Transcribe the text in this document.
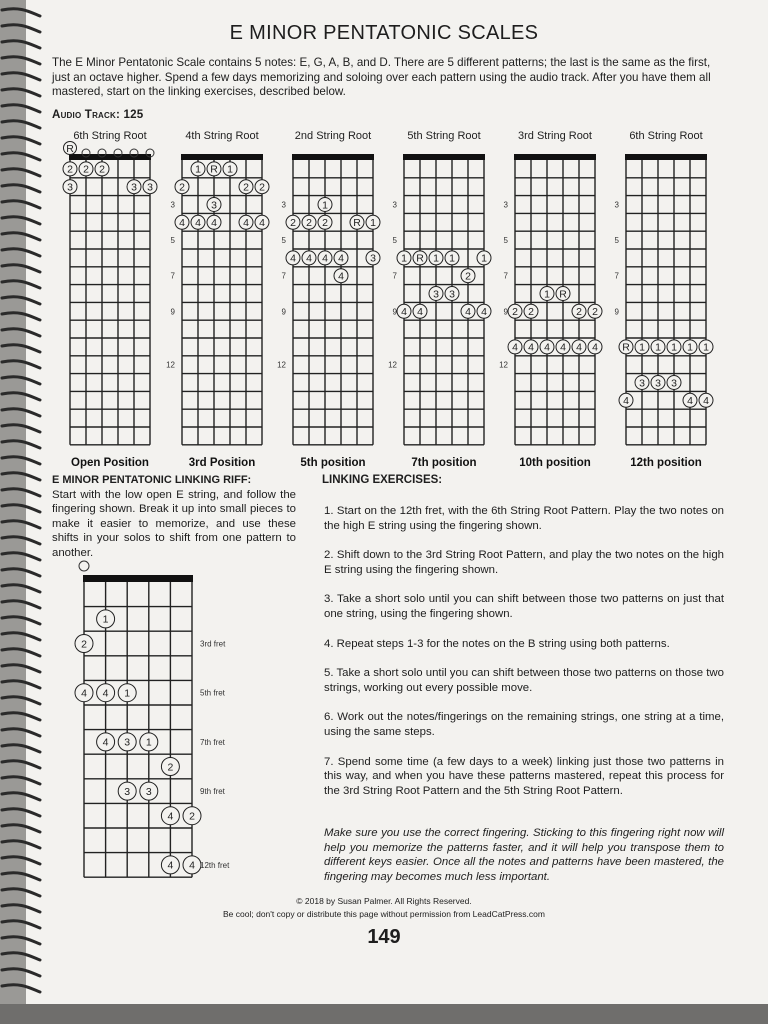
E MINOR PENTATONIC SCALES

The E Minor Pentatonic Scale contains 5 notes: E, G, A, B, and D. There are 5 different patterns; the last is the same as the first, just an octave higher. Spend a few days memorizing and soloing over each pattern using the audio track. After you have them all mastered, start on the linking exercises, described below.

Audio Track: 125
R
2 2 2
3	3 3
6th String Root
Open Position
1 R 1
2	2 2
3
4 4 4 4 4
4th String Root
3rd Position
3
5
7
9
12
1
2 2 2 R 1
4 4 4 4 3
4
2nd String Root
5th position
3
5
7
9
12
1 R 1 1 1
2
3 3
4 4	4 4
5th String Root
7th position
3
5
7
9
12
1 R
2 2	2 2
4 4 4 4 4 4
3rd String Root
10th position
3
5
7
9
12
R 1 1 1 1 1
3 3 3
4	4 4
6th String Root
12th position
3
5
7
9
1
2
4 4 1
4 3 1
2
3 3
4 2
4 4
3rd fret
5th fret
7th fret
9th fret
12th fret
E MINOR PENTATONIC LINKING RIFF:

Start with the low open E string, and follow the fingering shown. Break it up into small pieces to make it easier to memorize, and use these shifts in your solos to shift from one pattern to another.

LINKING EXERCISES:
1. Start on the 12th fret, with the 6th String Root Pattern. Play the two notes on the high E string using the fingering shown.
2. Shift down to the 3rd String Root Pattern, and play the two notes on the high E string using the fingering shown.
3. Take a short solo until you can shift between those two patterns on just that one string, using the fingering shown.
4. Repeat steps 1-3 for the notes on the B string using both patterns.
5. Take a short solo until you can shift between those two patterns on those two strings, working out every possible move.
6. Work out the notes/fingerings on the remaining strings, one string at a time, using the same steps.
7. Spend some time (a few days to a week) linking just those two patterns in this way, and when you have these patterns mastered, repeat this process for the 3rd String Root Pattern and the 5th String Root Pattern.

Make sure you use the correct fingering. Sticking to this fingering right now will help you memorize the patterns faster, and it will help you transpose them to different keys easier. Once all the notes and patterns have been mastered, the fingering may becomes much less important.

© 2018 by Susan Palmer. All Rights Reserved.
Be cool; don't copy or distribute this page without permission from LeadCatPress.com
149
